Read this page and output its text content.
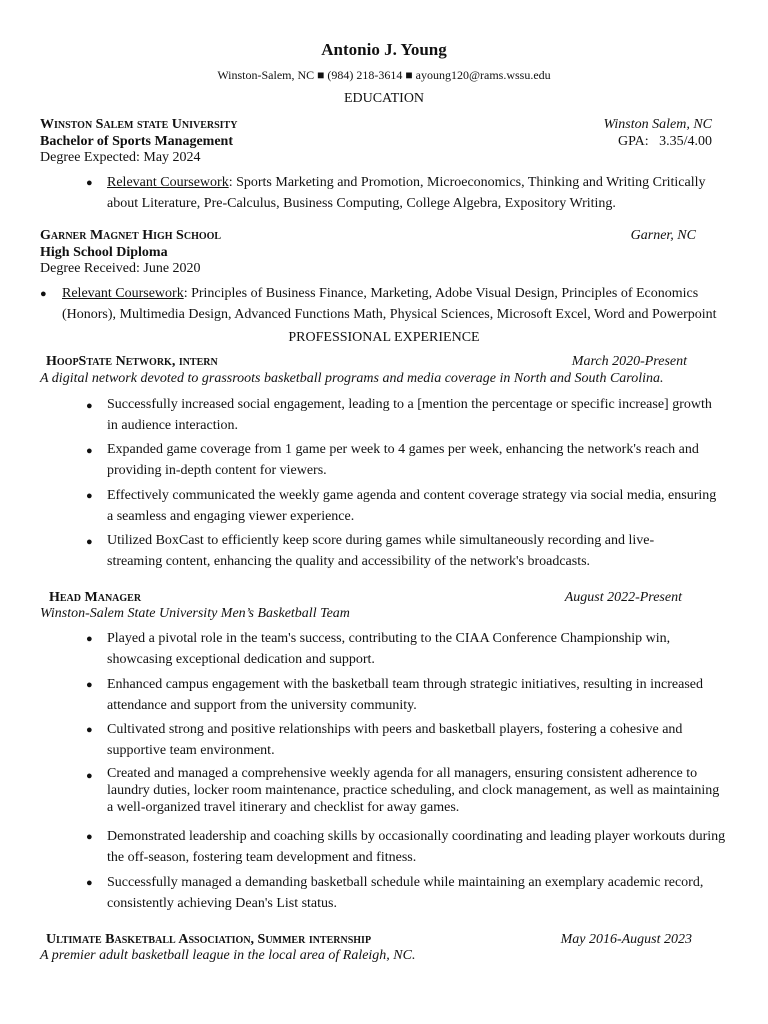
Antonio J. Young
Winston-Salem, NC ■ (984) 218-3614 ■ ayoung120@rams.wssu.edu
EDUCATION
Winston Salem state University	Winston Salem, NC
Bachelor of Sports Management	GPA:   3.35/4.00
Degree Expected: May 2024
● Relevant Coursework: Sports Marketing and Promotion, Microeconomics, Thinking and Writing Critically about Literature, Pre-Calculus, Business Computing, College Algebra, Expository Writing.
Garner Magnet High School	Garner, NC
High School Diploma
Degree Received: June 2020
● Relevant Coursework: Principles of Business Finance, Marketing, Adobe Visual Design, Principles of Economics (Honors), Multimedia Design, Advanced Functions Math, Physical Sciences, Microsoft Excel, Word and Powerpoint
PROFESSIONAL EXPERIENCE
HoopState Network, intern	March 2020-Present
A digital network devoted to grassroots basketball programs and media coverage in North and South Carolina.
● Successfully increased social engagement, leading to a [mention the percentage or specific increase] growth in audience interaction.
● Expanded game coverage from 1 game per week to 4 games per week, enhancing the network's reach and providing in-depth content for viewers.
● Effectively communicated the weekly game agenda and content coverage strategy via social media, ensuring a seamless and engaging viewer experience.
● Utilized BoxCast to efficiently keep score during games while simultaneously recording and live-streaming content, enhancing the quality and accessibility of the network's broadcasts.
Head Manager	August 2022-Present
Winston-Salem State University Men’s Basketball Team
● Played a pivotal role in the team's success, contributing to the CIAA Conference Championship win, showcasing exceptional dedication and support.
● Enhanced campus engagement with the basketball team through strategic initiatives, resulting in increased attendance and support from the university community.
● Cultivated strong and positive relationships with peers and basketball players, fostering a cohesive and supportive team environment.
● Created and managed a comprehensive weekly agenda for all managers, ensuring consistent adherence to laundry duties, locker room maintenance, practice scheduling, and clock management, as well as maintaining a well-organized travel itinerary and checklist for away games.
● Demonstrated leadership and coaching skills by occasionally coordinating and leading player workouts during the off-season, fostering team development and fitness.
● Successfully managed a demanding basketball schedule while maintaining an exemplary academic record, consistently achieving Dean's List status.
Ultimate Basketball Association, Summer internship	May 2016-August 2023
A premier adult basketball league in the local area of Raleigh, NC.
